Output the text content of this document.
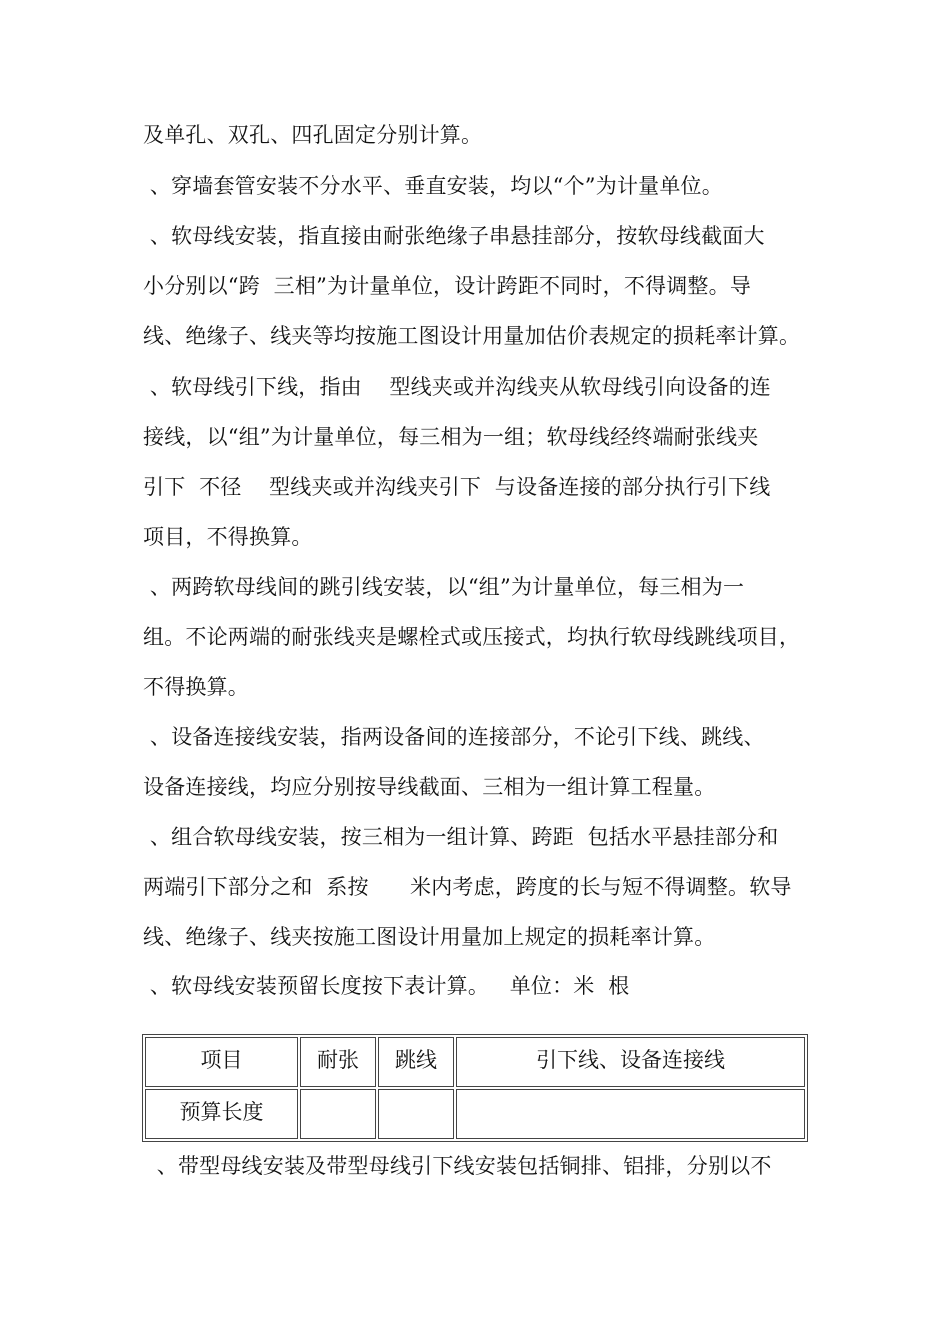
及单孔、双孔、四孔固定分别计算。
、穿墙套管安装不分水平、垂直安装，均以“个”为计量单位。
、软母线安装，指直接由耐张绝缘子串悬挂部分，按软母线截面大
小分别以“跨  三相”为计量单位，设计跨距不同时，不得调整。导
线、绝缘子、线夹等均按施工图设计用量加估价表规定的损耗率计算。
、软母线引下线，指由    型线夹或并沟线夹从软母线引向设备的连
接线，以“组”为计量单位，每三相为一组；软母线经终端耐张线夹
引下  不径    型线夹或并沟线夹引下  与设备连接的部分执行引下线
项目，不得换算。
、两跨软母线间的跳引线安装，以“组”为计量单位，每三相为一
组。不论两端的耐张线夹是螺栓式或压接式，均执行软母线跳线项目，
不得换算。
、设备连接线安装，指两设备间的连接部分，不论引下线、跳线、
设备连接线，均应分别按导线截面、三相为一组计算工程量。
、组合软母线安装，按三相为一组计算、跨距  包括水平悬挂部分和
两端引下部分之和  系按      米内考虑，跨度的长与短不得调整。软导
线、绝缘子、线夹按施工图设计用量加上规定的损耗率计算。
、软母线安装预留长度按下表计算。   单位：米  根
项目	耐张	跳线	引下线、设备连接线
预算长度			
、带型母线安装及带型母线引下线安装包括铜排、铝排，分别以不
